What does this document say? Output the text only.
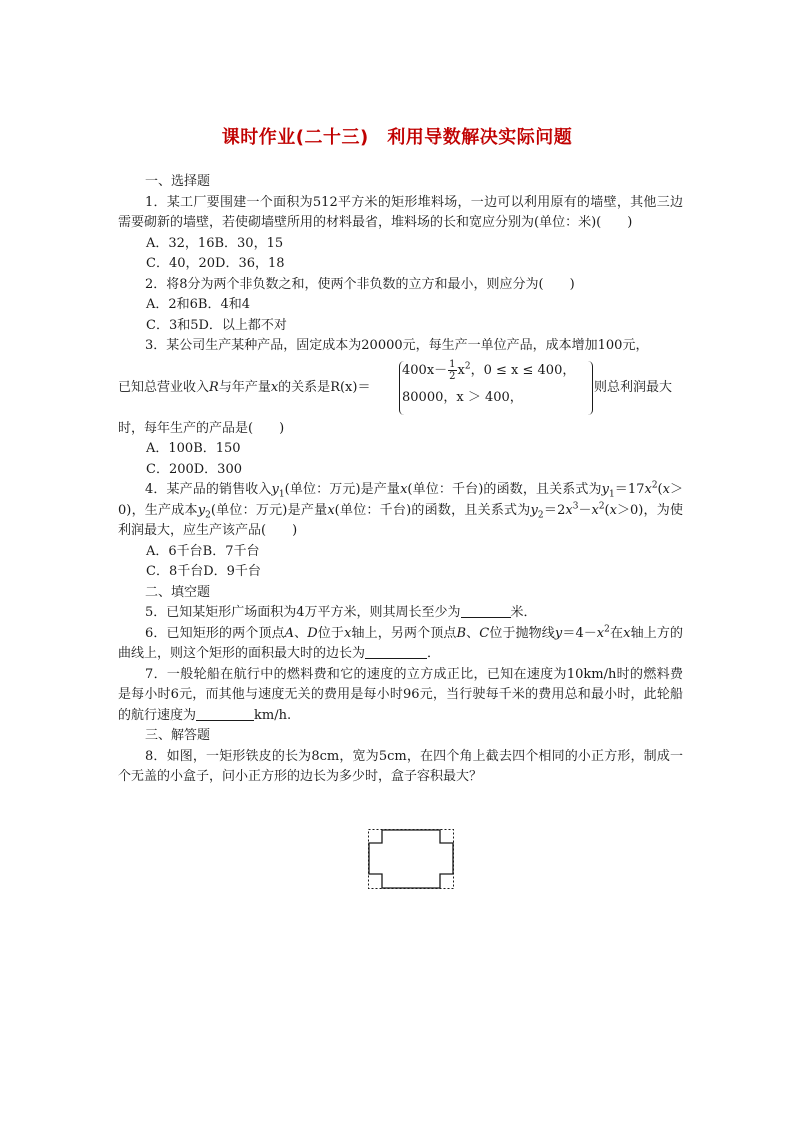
课时作业(二十三)　利用导数解决实际问题

一、选择题

1．某工厂要围建一个面积为512平方米的矩形堆料场，一边可以利用原有的墙壁，其他三边需要砌新的墙壁，若使砌墙壁所用的材料最省，堆料场的长和宽应分别为(单位：米)(　　)

A．32，16B．30，15

C．40，20D．36，18

2．将8分为两个非负数之和，使两个非负数的立方和最小，则应分为(　　)

A．2和6B．4和4

C．3和5D．以上都不对

3．某公司生产某种产品，固定成本为20000元，每生产一单位产品，成本增加100元，

已知总营业收入R与年产量x的关系是R(x)＝
$400x- \frac{1}{2} x^2$，0 ≤ x ≤ 400，
80000，x ＞ 400，
则总利润最大

时，每年生产的产品是(　　)

A．100B．150

C．200D．300

4．某产品的销售收入$y_1$(单位：万元)是产量x(单位：千台)的函数，且关系式为$y_1=17x^2(x>0)$，生产成本$y_2$(单位：万元)是产量x(单位：千台)的函数，且关系式为$y_2=2x^3-x^2(x>0)$，为使利润最大，应生产该产品(　　)

A．6千台B．7千台

C．8千台D．9千台

二、填空题

5．已知某矩形广场面积为4万平方米，则其周长至少为	米．

6．已知矩形的两个顶点A、D位于x轴上，另两个顶点B、C位于抛物线$y=4-x^2$在x轴上方的曲线上，则这个矩形的面积最大时的边长为	．

7．一般轮船在航行中的燃料费和它的速度的立方成正比，已知在速度为10km/h时的燃料费是每小时6元，而其他与速度无关的费用是每小时96元，当行驶每千米的费用总和最小时，此轮船的航行速度为	km/h.

三、解答题

8．如图，一矩形铁皮的长为8cm，宽为5cm，在四个角上截去四个相同的小正方形，制成一个无盖的小盒子，问小正方形的边长为多少时，盒子容积最大？
